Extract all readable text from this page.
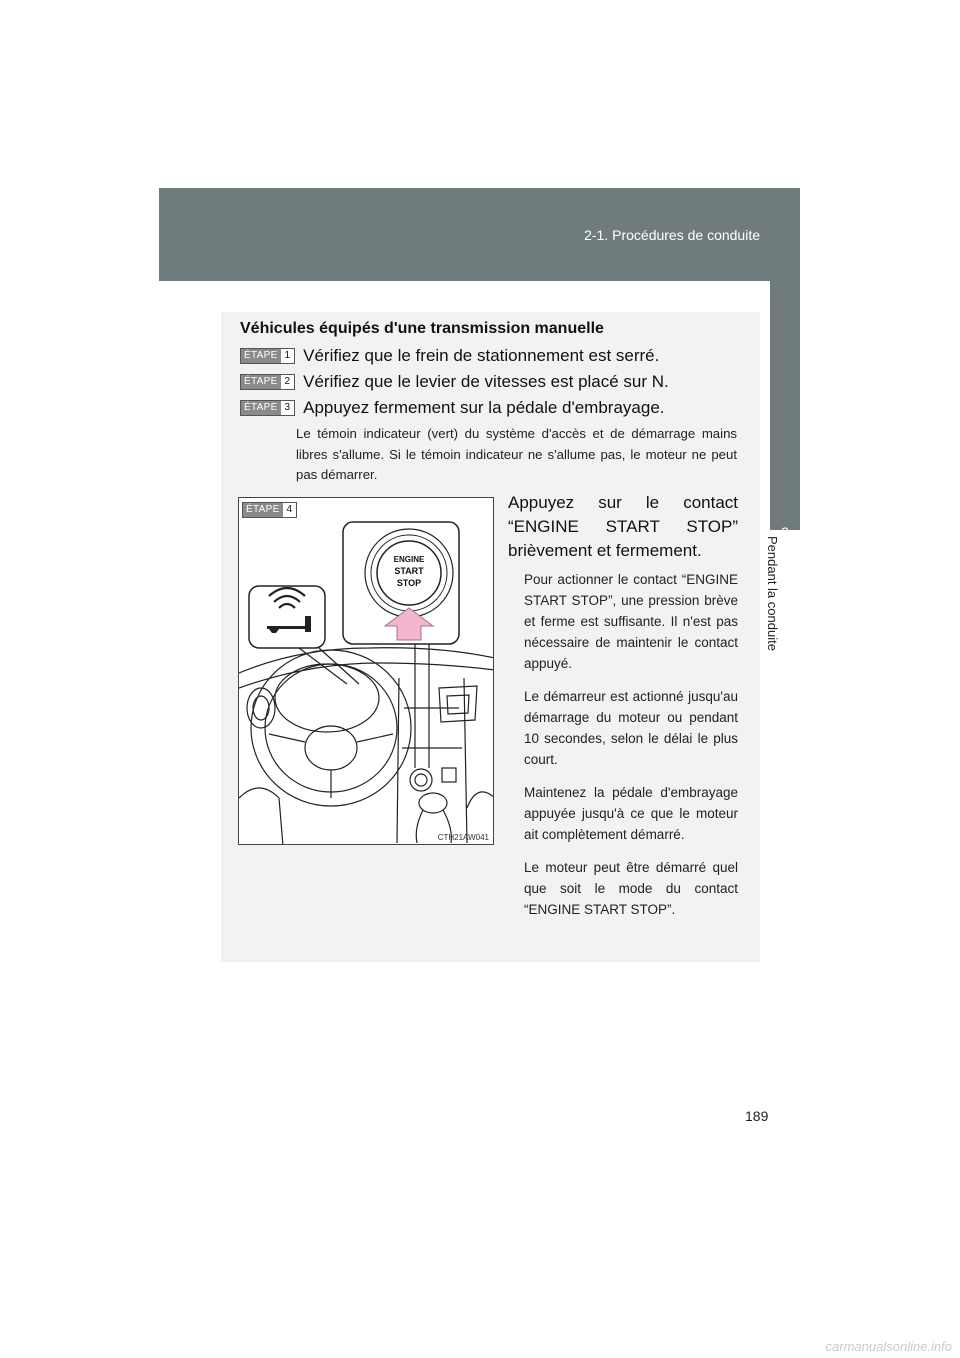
2-1. Procédures de conduite
2
Pendant la conduite
Véhicules équipés d'une transmission manuelle
ÉTAPE 1 Vérifiez que le frein de stationnement est serré.
ÉTAPE 2 Vérifiez que le levier de vitesses est placé sur N.
ÉTAPE 3 Appuyez fermement sur la pédale d'embrayage.
Le témoin indicateur (vert) du système d'accès et de démarrage mains libres s'allume. Si le témoin indicateur ne s'allume pas, le moteur ne peut pas démarrer.
ENGINE
START
STOP
ÉTAPE 4
CTH21AW041
Appuyez sur le contact “ENGINE START STOP” brièvement et fermement.

Pour actionner le contact “ENGINE START STOP”, une pression brève et ferme est suffisante. Il n'est pas nécessaire de maintenir le contact appuyé.

Le démarreur est actionné jusqu'au démarrage du moteur ou pendant 10 secondes, selon le délai le plus court.

Maintenez la pédale d'embrayage appuyée jusqu'à ce que le moteur ait complètement démarré.

Le moteur peut être démarré quel que soit le mode du contact “ENGINE START STOP”.

189
carmanualsonline.info
